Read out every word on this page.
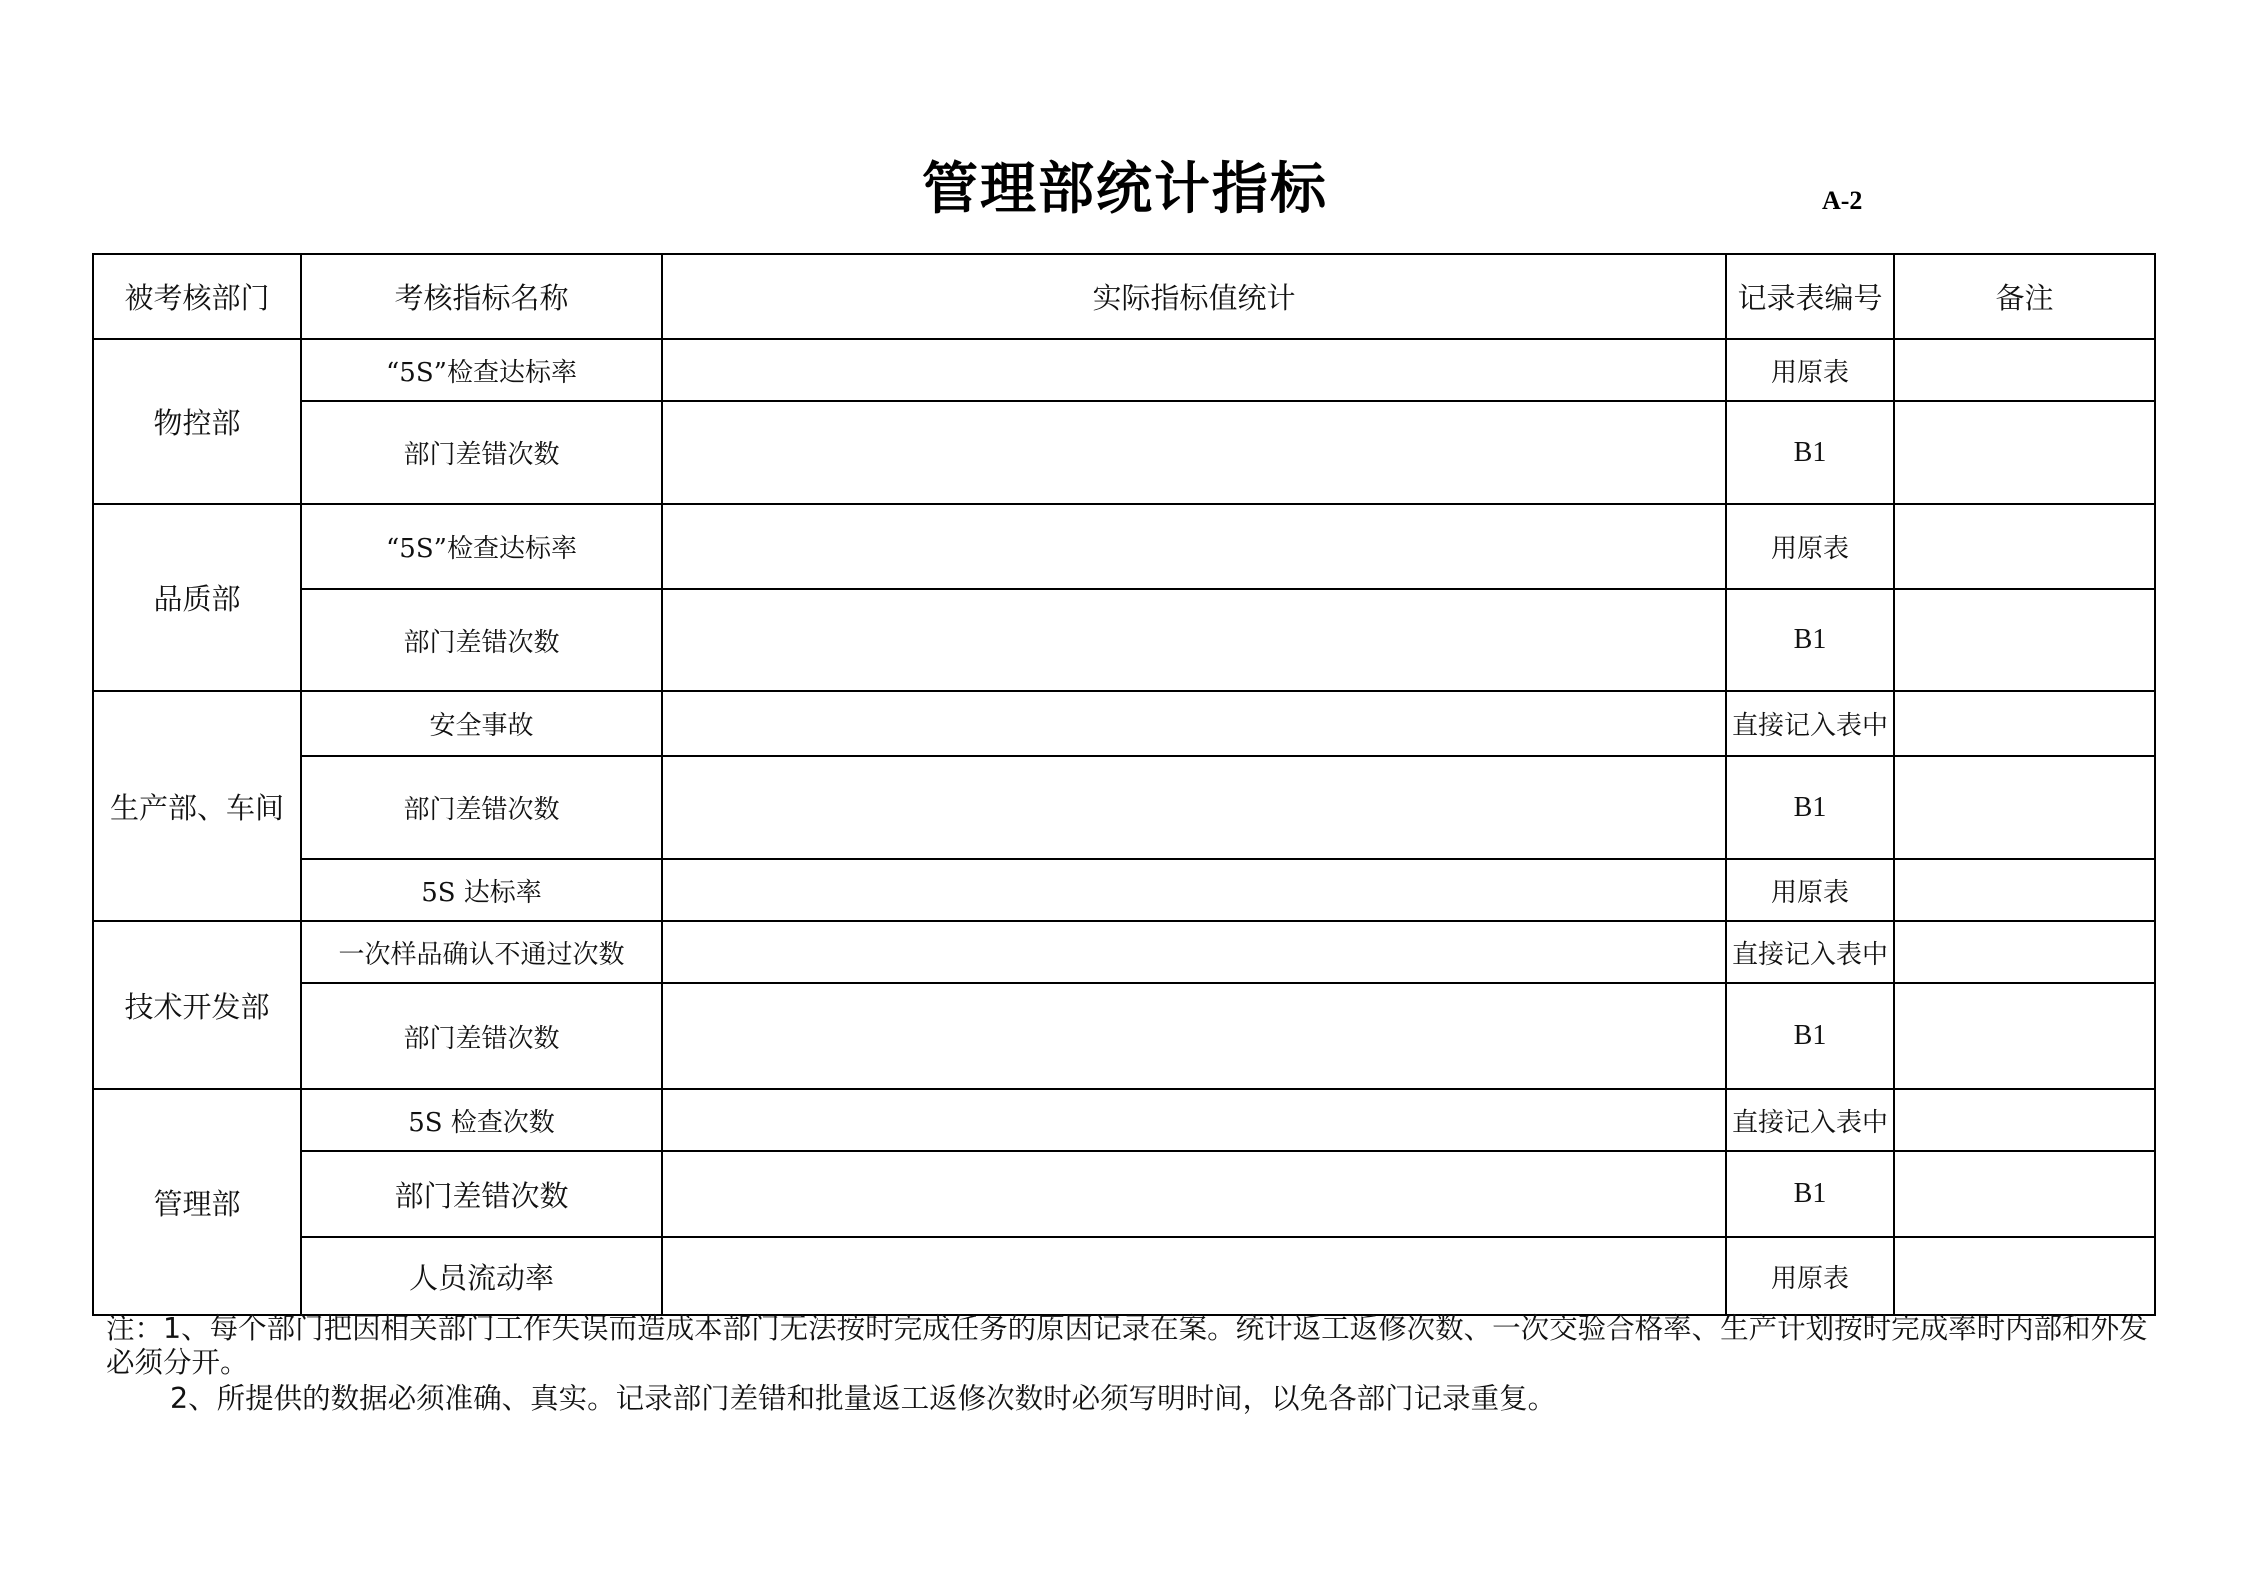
管理部统计指标	A-2
被考核部门	考核指标名称	实际指标值统计	记录表编号	备注
物控部	“5S”检查达标率		用原表	
	部门差错次数		B1	
品质部	“5S”检查达标率		用原表	
	部门差错次数		B1	
生产部、车间	安全事故		直接记入表中	
	部门差错次数		B1	
	5S 达标率		用原表	
技术开发部	一次样品确认不通过次数		直接记入表中	
	部门差错次数		B1	
管理部	5S 检查次数		直接记入表中	
	部门差错次数		B1	
	人员流动率		用原表	

注：1、每个部门把因相关部门工作失误而造成本部门无法按时完成任务的原因记录在案。统计返工返修次数、一次交验合格率、生产计划按时完成率时内部和外发必须分开。

2、所提供的数据必须准确、真实。记录部门差错和批量返工返修次数时必须写明时间，以免各部门记录重复。
